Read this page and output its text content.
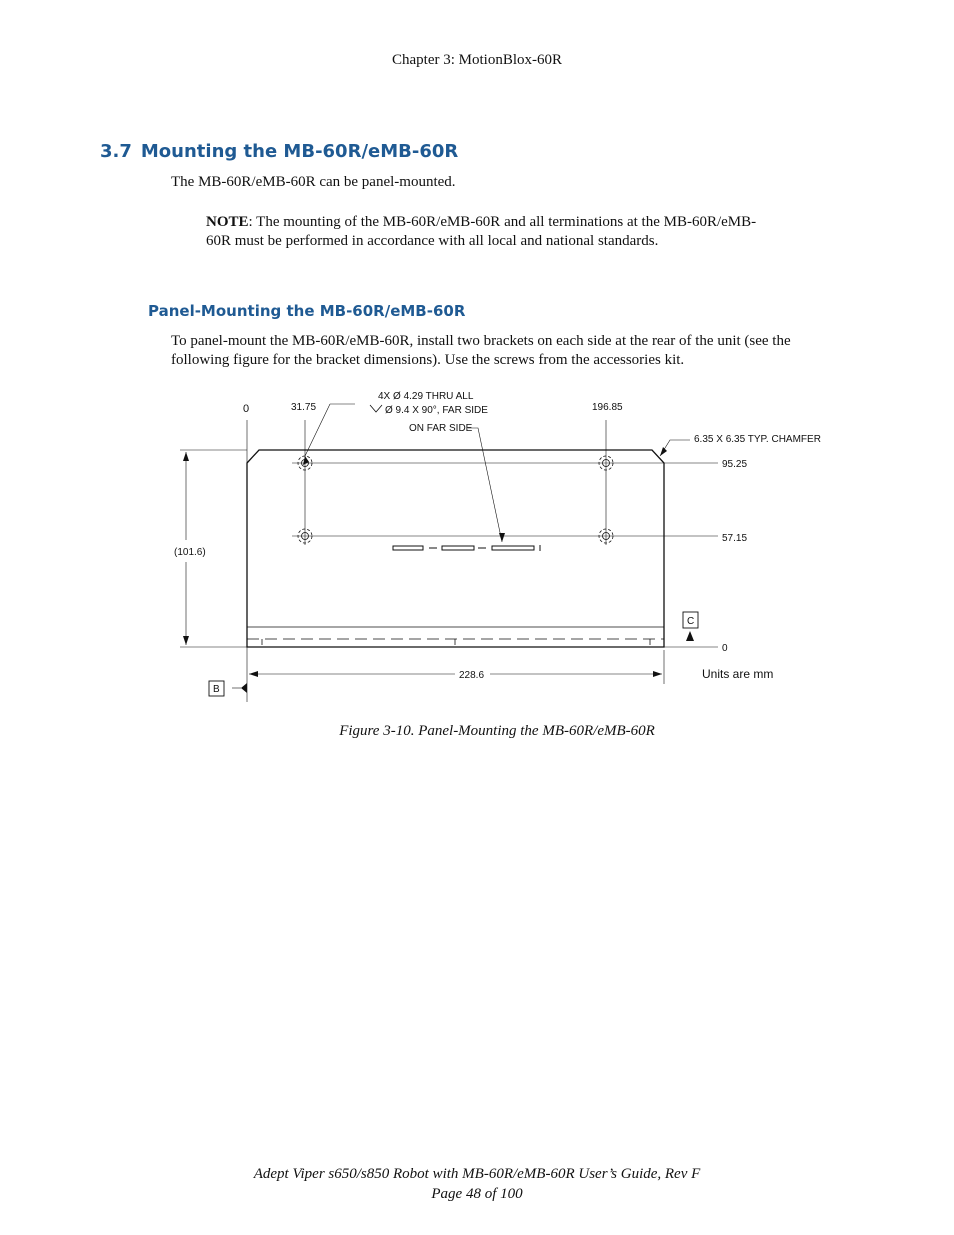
Chapter 3: MotionBlox-60R
3.7 Mounting the MB-60R/eMB-60R
The MB-60R/eMB-60R can be panel-mounted.
NOTE: The mounting of the MB-60R/eMB-60R and all terminations at the MB-60R/eMB-60R must be performed in accordance with all local and national standards.
Panel-Mounting the MB-60R/eMB-60R
To panel-mount the MB-60R/eMB-60R, install two brackets on each side at the rear of the unit (see the following figure for the bracket dimensions). Use the screws from the accessories kit.
0	31.75
4X Ø 4.29 THRU ALL
Ø 9.4 X 90°, FAR SIDE
ON FAR SIDE
196.85
6.35 X 6.35 TYP. CHAMFER
95.25
57.15
(101.6)
C
0
B
228.6	Units are mm
Figure 3-10. Panel-Mounting the MB-60R/eMB-60R
Adept Viper s650/s850 Robot with MB-60R/eMB-60R User’s Guide, Rev F
Page 48 of 100
